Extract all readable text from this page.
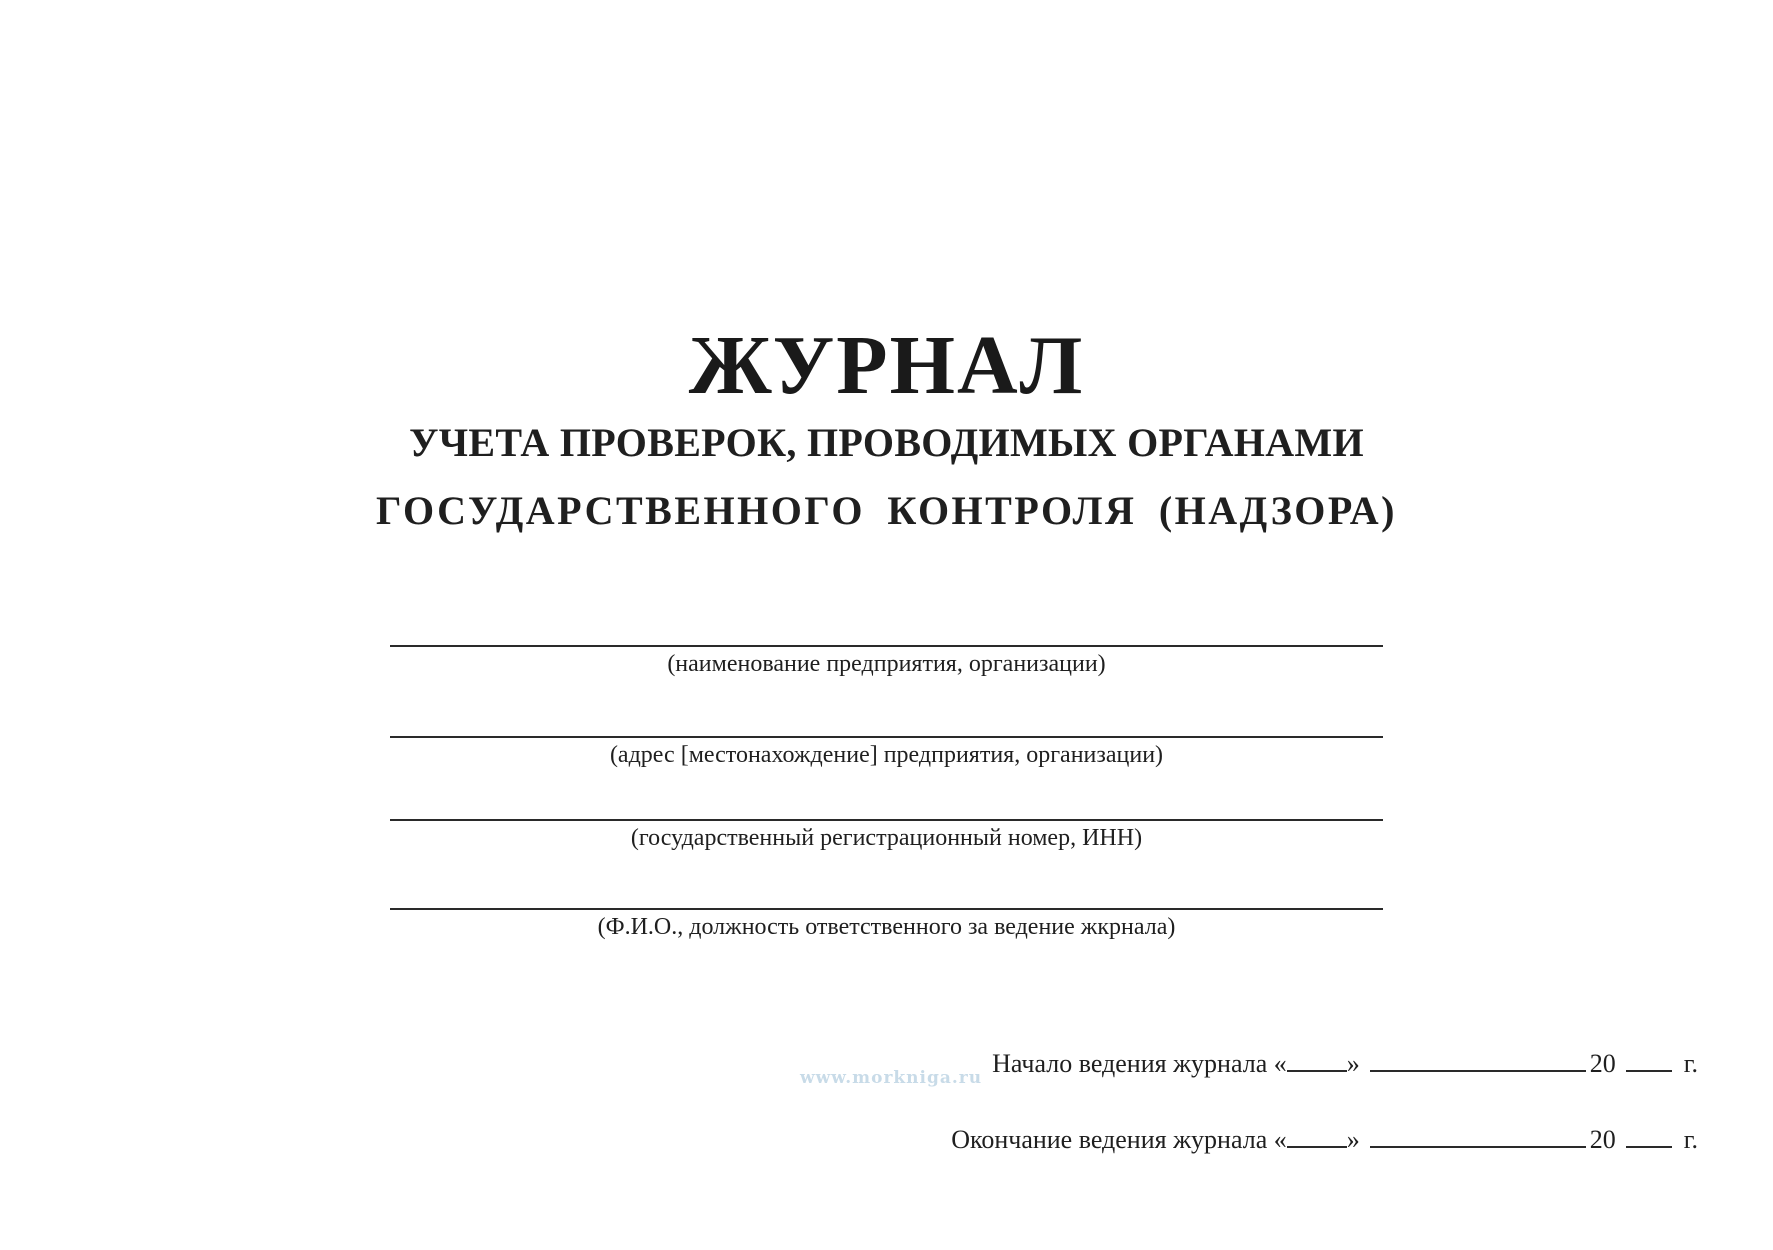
ЖУРНАЛ
УЧЕТА ПРОВЕРОК, ПРОВОДИМЫХ ОРГАНАМИ
ГОСУДАРСТВЕННОГО КОНТРОЛЯ (НАДЗОРА)
(наименование предприятия, организации)
(адрес [местонахождение] предприятия, организации)
(государственный регистрационный номер, ИНН)
(Ф.И.О., должность ответственного за ведение жкрнала)
www.morkniga.ru Начало ведения журнала « »	20	г.
Окончание ведения журнала « »	20	г.
